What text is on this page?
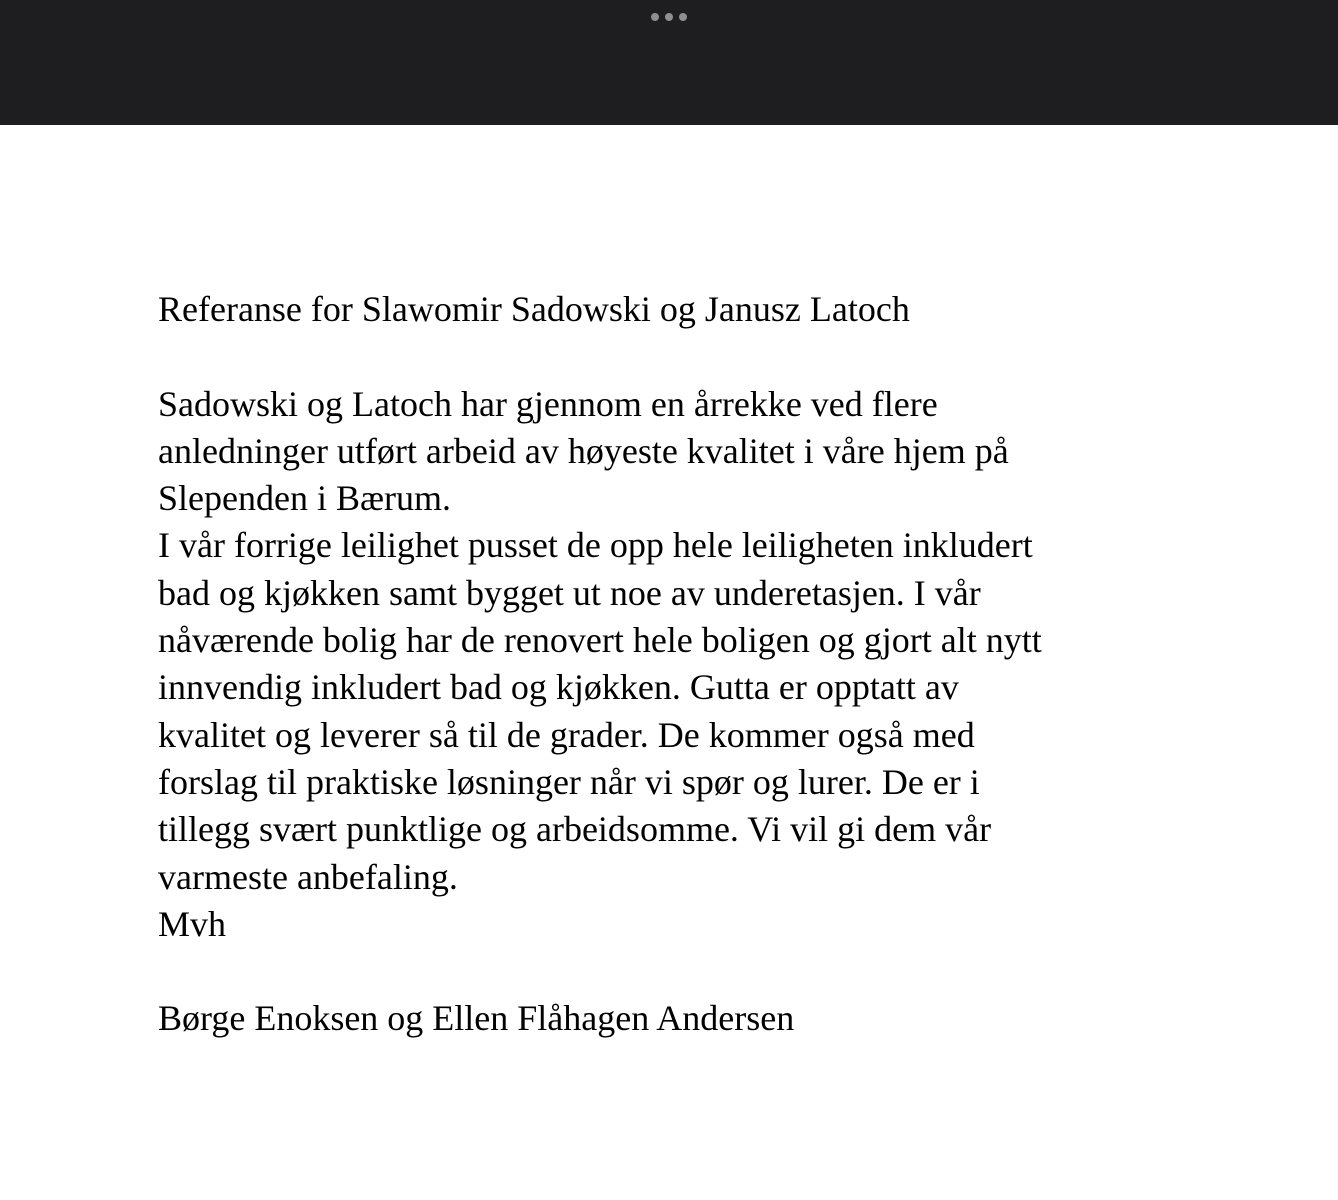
Referanse for Slawomir Sadowski og Janusz Latoch

Sadowski og Latoch har gjennom en årrekke ved flere

anledninger utført arbeid av høyeste kvalitet i våre hjem på

Slependen i Bærum.

I vår forrige leilighet pusset de opp hele leiligheten inkludert

bad og kjøkken samt bygget ut noe av underetasjen. I vår

nåværende bolig har de renovert hele boligen og gjort alt nytt

innvendig inkludert bad og kjøkken. Gutta er opptatt av

kvalitet og leverer så til de grader. De kommer også med

forslag til praktiske løsninger når vi spør og lurer. De er i

tillegg svært punktlige og arbeidsomme. Vi vil gi dem vår

varmeste anbefaling.

Mvh

Børge Enoksen og Ellen Flåhagen Andersen
